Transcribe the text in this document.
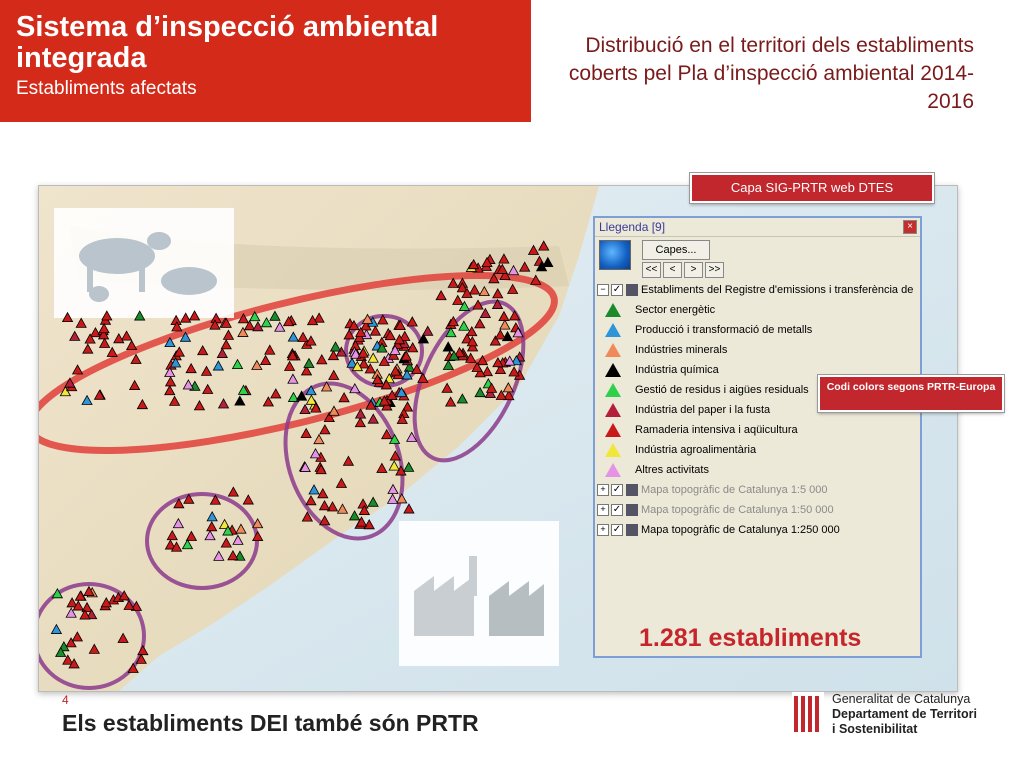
Sistema d’inspecció ambiental integrada
Establiments afectats
Distribució en el territori dels establiments coberts pel Pla d’inspecció ambiental 2014-2016
Capa SIG-PRTR web DTES
Llegenda [9]	×
Capes...
<<	<	>	>>
− ✓ Establiments del Registre d'emissions i transferència de
Sector energètic
Producció i transformació de metalls
Indústries minerals
Indústria química
Gestió de residus i aigües residuals
Indústria del paper i la fusta
Ramaderia intensiva i aqüicultura
Indústria agroalimentària
Altres activitats
+ ✓ Mapa topogràfic de Catalunya 1:5 000
+ ✓ Mapa topogràfic de Catalunya 1:50 000
+ ✓ Mapa topogràfic de Catalunya 1:250 000
1.281 establiments
Codi colors segons PRTR-Europa
4
Els establiments DEI també són PRTR
Generalitat de Catalunya
Departament de Territori
i Sostenibilitat
